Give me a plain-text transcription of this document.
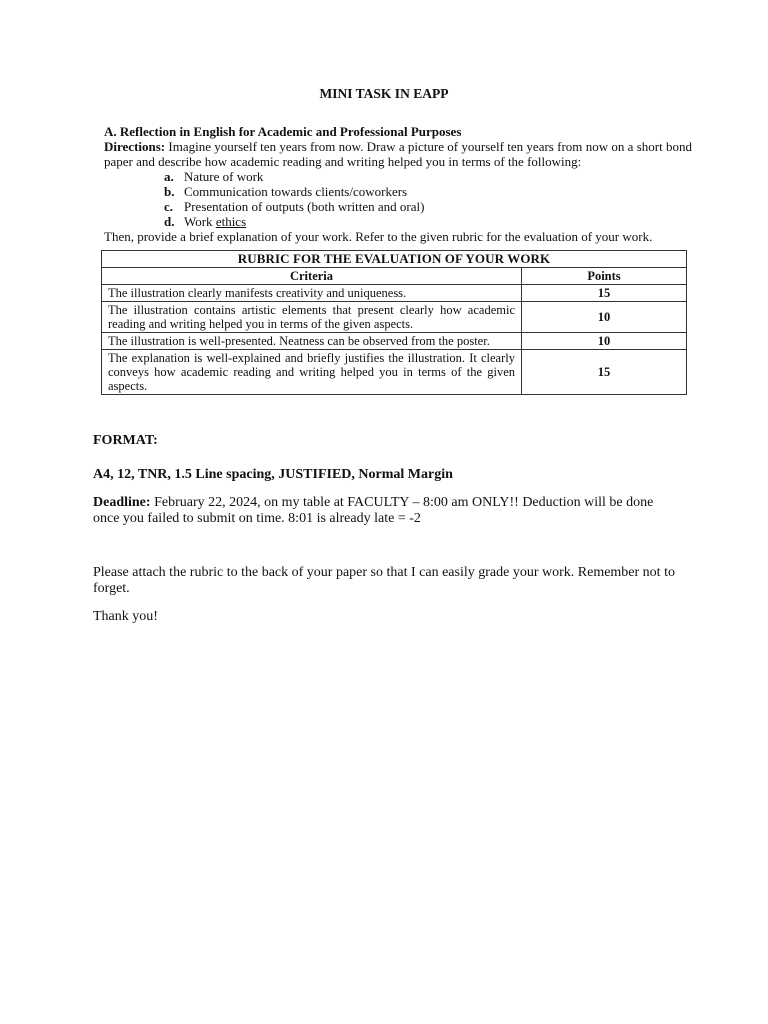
MINI TASK IN EAPP
A. Reflection in English for Academic and Professional Purposes
Directions: Imagine yourself ten years from now. Draw a picture of yourself ten years from now on a short bond paper and describe how academic reading and writing helped you in terms of the following:
a. Nature of work
b. Communication towards clients/coworkers
c. Presentation of outputs (both written and oral)
d. Work ethics
Then, provide a brief explanation of your work. Refer to the given rubric for the evaluation of your work.
RUBRIC FOR THE EVALUATION OF YOUR WORK	
Criteria	Points
The illustration clearly manifests creativity and uniqueness.	15
The illustration contains artistic elements that present clearly how academic reading and writing helped you in terms of the given aspects.	10
The illustration is well-presented. Neatness can be observed from the poster.	10
The explanation is well-explained and briefly justifies the illustration. It clearly conveys how academic reading and writing helped you in terms of the given aspects.	15

FORMAT:

A4, 12, TNR, 1.5 Line spacing, JUSTIFIED, Normal Margin

Deadline: February 22, 2024, on my table at FACULTY – 8:00 am ONLY!! Deduction will be done once you failed to submit on time. 8:01 is already late = -2

Please attach the rubric to the back of your paper so that I can easily grade your work. Remember not to forget.

Thank you!
